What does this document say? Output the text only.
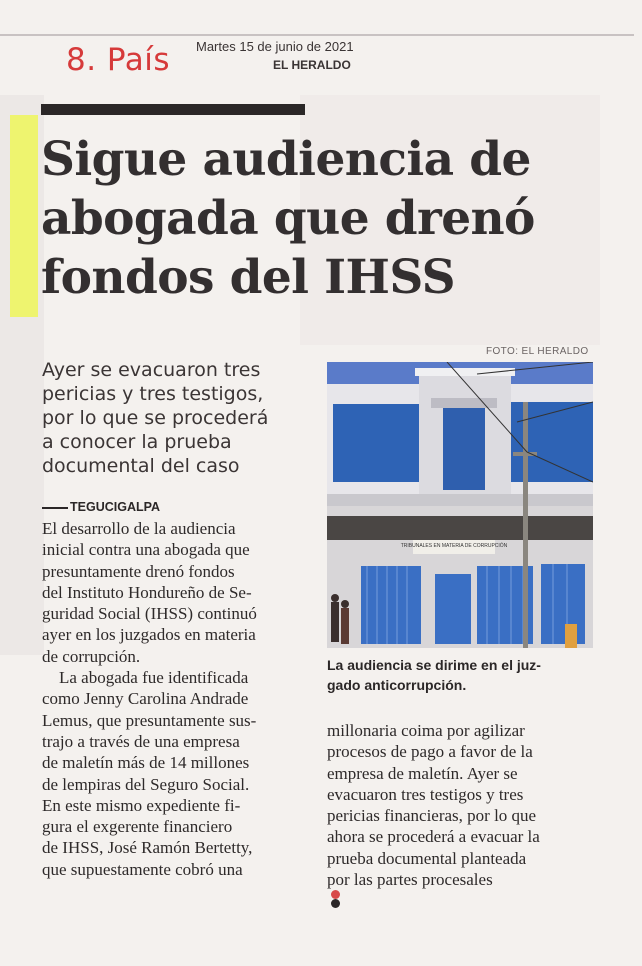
8. País Martes 15 de junio de 2021
EL HERALDO
Sigue audiencia de
abogada que drenó
fondos del IHSS
Ayer se evacuaron tres
pericias y tres testigos,
por lo que se procederá
a conocer la prueba
documental del caso
FOTO: EL HERALDO
TRIBUNALES EN MATERIA DE CORRUPCIÓN
La audiencia se dirime en el juz-
gado anticorrupción.
TEGUCIGALPA
El desarrollo de la audiencia
inicial contra una abogada que
presuntamente drenó fondos
del Instituto Hondureño de Se-
guridad Social (IHSS) continuó
ayer en los juzgados en materia
de corrupción.
 La abogada fue identificada
como Jenny Carolina Andrade
Lemus, que presuntamente sus-
trajo a través de una empresa
de maletín más de 14 millones
de lempiras del Seguro Social.
En este mismo expediente fi-
gura el exgerente financiero
de IHSS, José Ramón Bertetty,
que supuestamente cobró una
millonaria coima por agilizar
procesos de pago a favor de la
empresa de maletín. Ayer se
evacuaron tres testigos y tres
pericias financieras, por lo que
ahora se procederá a evacuar la
prueba documental planteada
por las partes procesales
